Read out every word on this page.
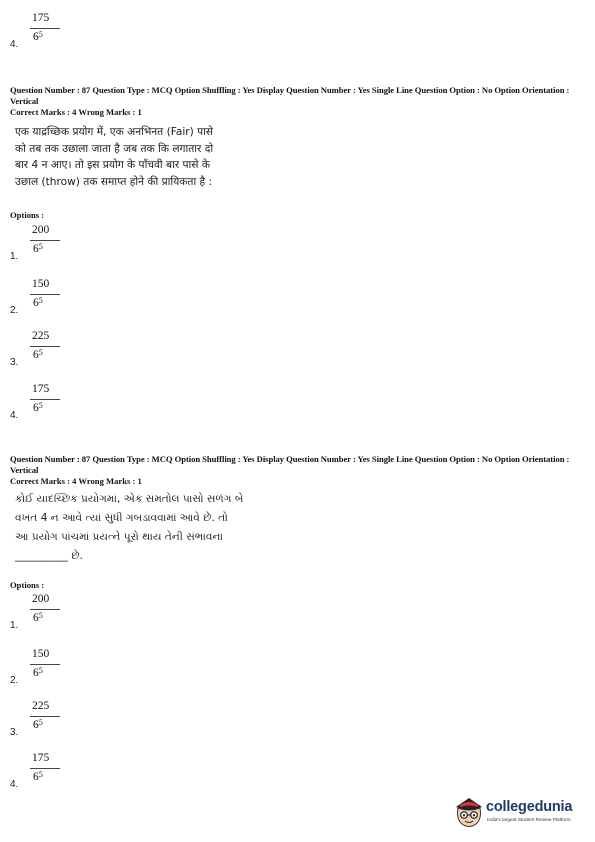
4.
175
$6^5$
Question Number : 87 Question Type : MCQ Option Shuffling : Yes Display Question Number : Yes Single Line Question Option : No Option Orientation : Vertical
Correct Marks : 4 Wrong Marks : 1
एक याद्रच्छिक प्रयोग में, एक अनभिनत (Fair) पासे
को तब तक उछाला जाता है जब तक कि लगातार दो
बार 4 न आए। तो इस प्रयोग के पाँचवी बार पासे के
उछाल (throw) तक समाप्त होने की प्रायिकता है :
Options :
1.
200
$6^5$
2.
150
$6^5$
3.
225
$6^5$
4.
175
$6^5$
Question Number : 87 Question Type : MCQ Option Shuffling : Yes Display Question Number : Yes Single Line Question Option : No Option Orientation : Vertical
Correct Marks : 4 Wrong Marks : 1
કોઈ યાદચ્છિક પ્રયોગમાં, એક સમતોલ પાસો સળંગ બે
વખત 4 ન આવે ત્યાં સુધી ગબડાવવામાં આવે છે. તો
આ પ્રયોગ પાંચમાં પ્રયત્ને પૂરો થાય તેની સંભાવના
__________ છે.
Options :
1.
200
$6^5$
2.
150
$6^5$
3.
225
$6^5$
4.
175
$6^5$
collegedunia
India's largest Student Review Platform
